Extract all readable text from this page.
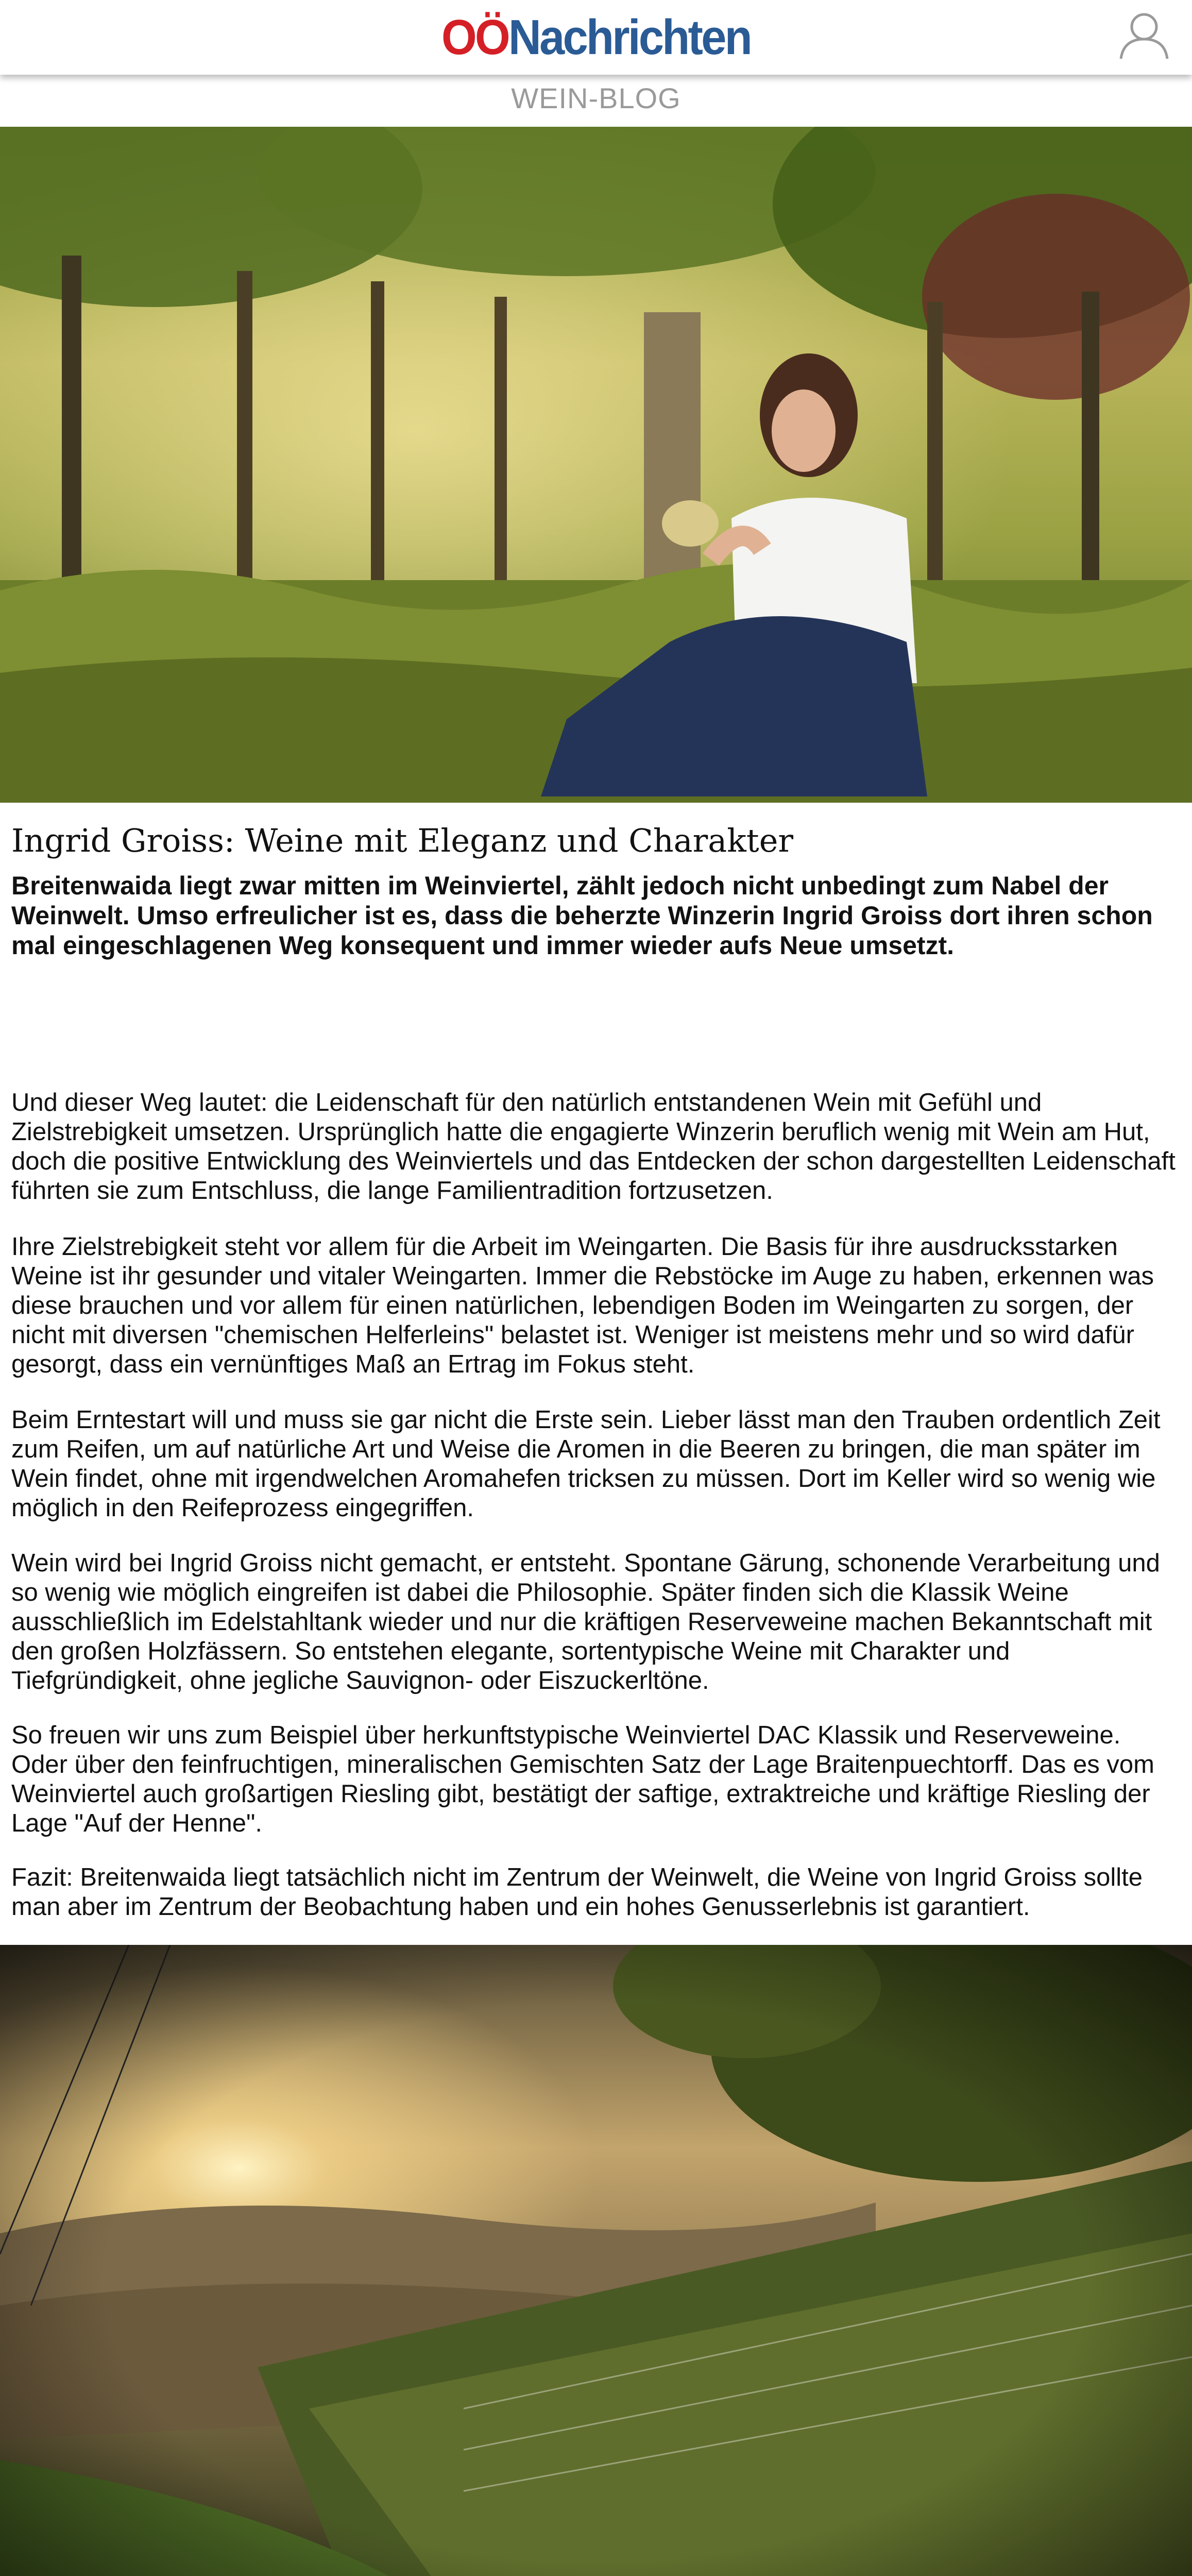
OÖNachrichten
WEIN-BLOG
Ingrid Groiss: Weine mit Eleganz und Charakter

Breitenwaida liegt zwar mitten im Weinviertel, zählt jedoch nicht unbedingt zum Nabel der Weinwelt. Umso erfreulicher ist es, dass die beherzte Winzerin Ingrid Groiss dort ihren schon mal eingeschlagenen Weg konsequent und immer wieder aufs Neue umsetzt.

Und dieser Weg lautet: die Leidenschaft für den natürlich entstandenen Wein mit Gefühl und Zielstrebigkeit umsetzen. Ursprünglich hatte die engagierte Winzerin beruflich wenig mit Wein am Hut, doch die positive Entwicklung des Weinviertels und das Entdecken der schon dargestellten Leidenschaft führten sie zum Entschluss, die lange Familientradition fortzusetzen.

Ihre Zielstrebigkeit steht vor allem für die Arbeit im Weingarten. Die Basis für ihre ausdrucksstarken Weine ist ihr gesunder und vitaler Weingarten. Immer die Rebstöcke im Auge zu haben, erkennen was diese brauchen und vor allem für einen natürlichen, lebendigen Boden im Weingarten zu sorgen, der nicht mit diversen "chemischen Helferleins" belastet ist. Weniger ist meistens mehr und so wird dafür gesorgt, dass ein vernünftiges Maß an Ertrag im Fokus steht.

Beim Erntestart will und muss sie gar nicht die Erste sein. Lieber lässt man den Trauben ordentlich Zeit zum Reifen, um auf natürliche Art und Weise die Aromen in die Beeren zu bringen, die man später im Wein findet, ohne mit irgendwelchen Aromahefen tricksen zu müssen. Dort im Keller wird so wenig wie möglich in den Reifeprozess eingegriffen.

Wein wird bei Ingrid Groiss nicht gemacht, er entsteht. Spontane Gärung, schonende Verarbeitung und so wenig wie möglich eingreifen ist dabei die Philosophie. Später finden sich die Klassik Weine ausschließlich im Edelstahltank wieder und nur die kräftigen Reserveweine machen Bekanntschaft mit den großen Holzfässern. So entstehen elegante, sortentypische Weine mit Charakter und Tiefgründigkeit, ohne jegliche Sauvignon- oder Eiszuckerltöne.

So freuen wir uns zum Beispiel über herkunftstypische Weinviertel DAC Klassik und Reserveweine. Oder über den feinfruchtigen, mineralischen Gemischten Satz der Lage Braitenpuechtorff. Das es vom Weinviertel auch großartigen Riesling gibt, bestätigt der saftige, extraktreiche und kräftige Riesling der Lage "Auf der Henne".

Fazit: Breitenwaida liegt tatsächlich nicht im Zentrum der Weinwelt, die Weine von Ingrid Groiss sollte man aber im Zentrum der Beobachtung haben und ein hohes Genusserlebnis ist garantiert.
